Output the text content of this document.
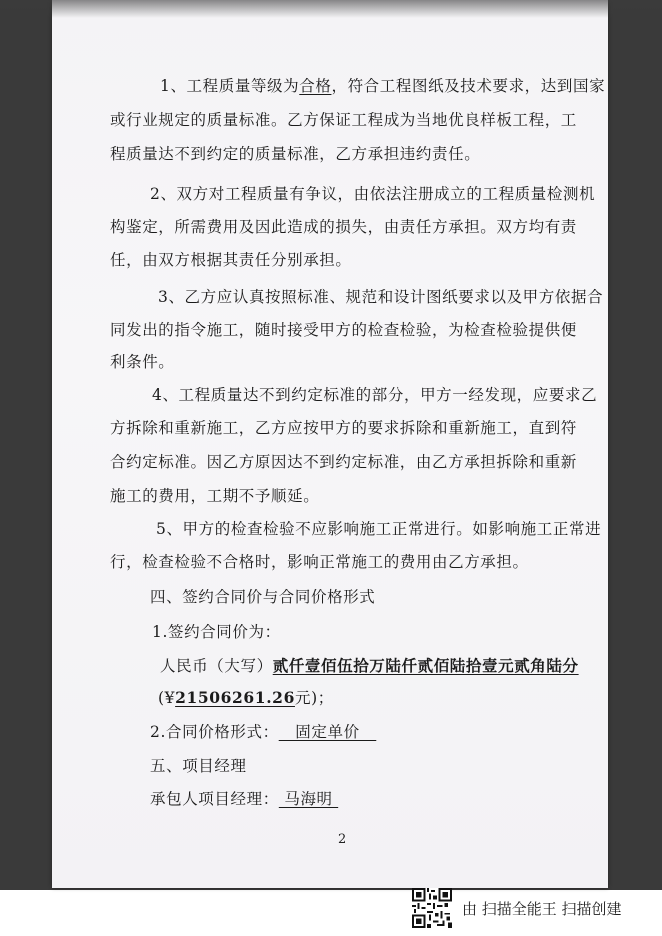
1、工程质量等级为合格，符合工程图纸及技术要求，达到国家
或行业规定的质量标准。乙方保证工程成为当地优良样板工程，工
程质量达不到约定的质量标准，乙方承担违约责任。
2、双方对工程质量有争议，由依法注册成立的工程质量检测机
构鉴定，所需费用及因此造成的损失，由责任方承担。双方均有责
任，由双方根据其责任分别承担。
3、乙方应认真按照标准、规范和设计图纸要求以及甲方依据合
同发出的指令施工，随时接受甲方的检查检验，为检查检验提供便
利条件。
4、工程质量达不到约定标准的部分，甲方一经发现，应要求乙
方拆除和重新施工，乙方应按甲方的要求拆除和重新施工，直到符
合约定标准。因乙方原因达不到约定标准，由乙方承担拆除和重新
施工的费用，工期不予顺延。
5、甲方的检查检验不应影响施工正常进行。如影响施工正常进
行，检查检验不合格时，影响正常施工的费用由乙方承担。
四、签约合同价与合同价格形式
1.签约合同价为：
人民币（大写）贰仟壹佰伍拾万陆仟贰佰陆拾壹元贰角陆分
(¥21506261.26元)；
2.合同价格形式：   固定单价
五、项目经理
承包人项目经理： 马海明
2
由 扫描全能王 扫描创建
